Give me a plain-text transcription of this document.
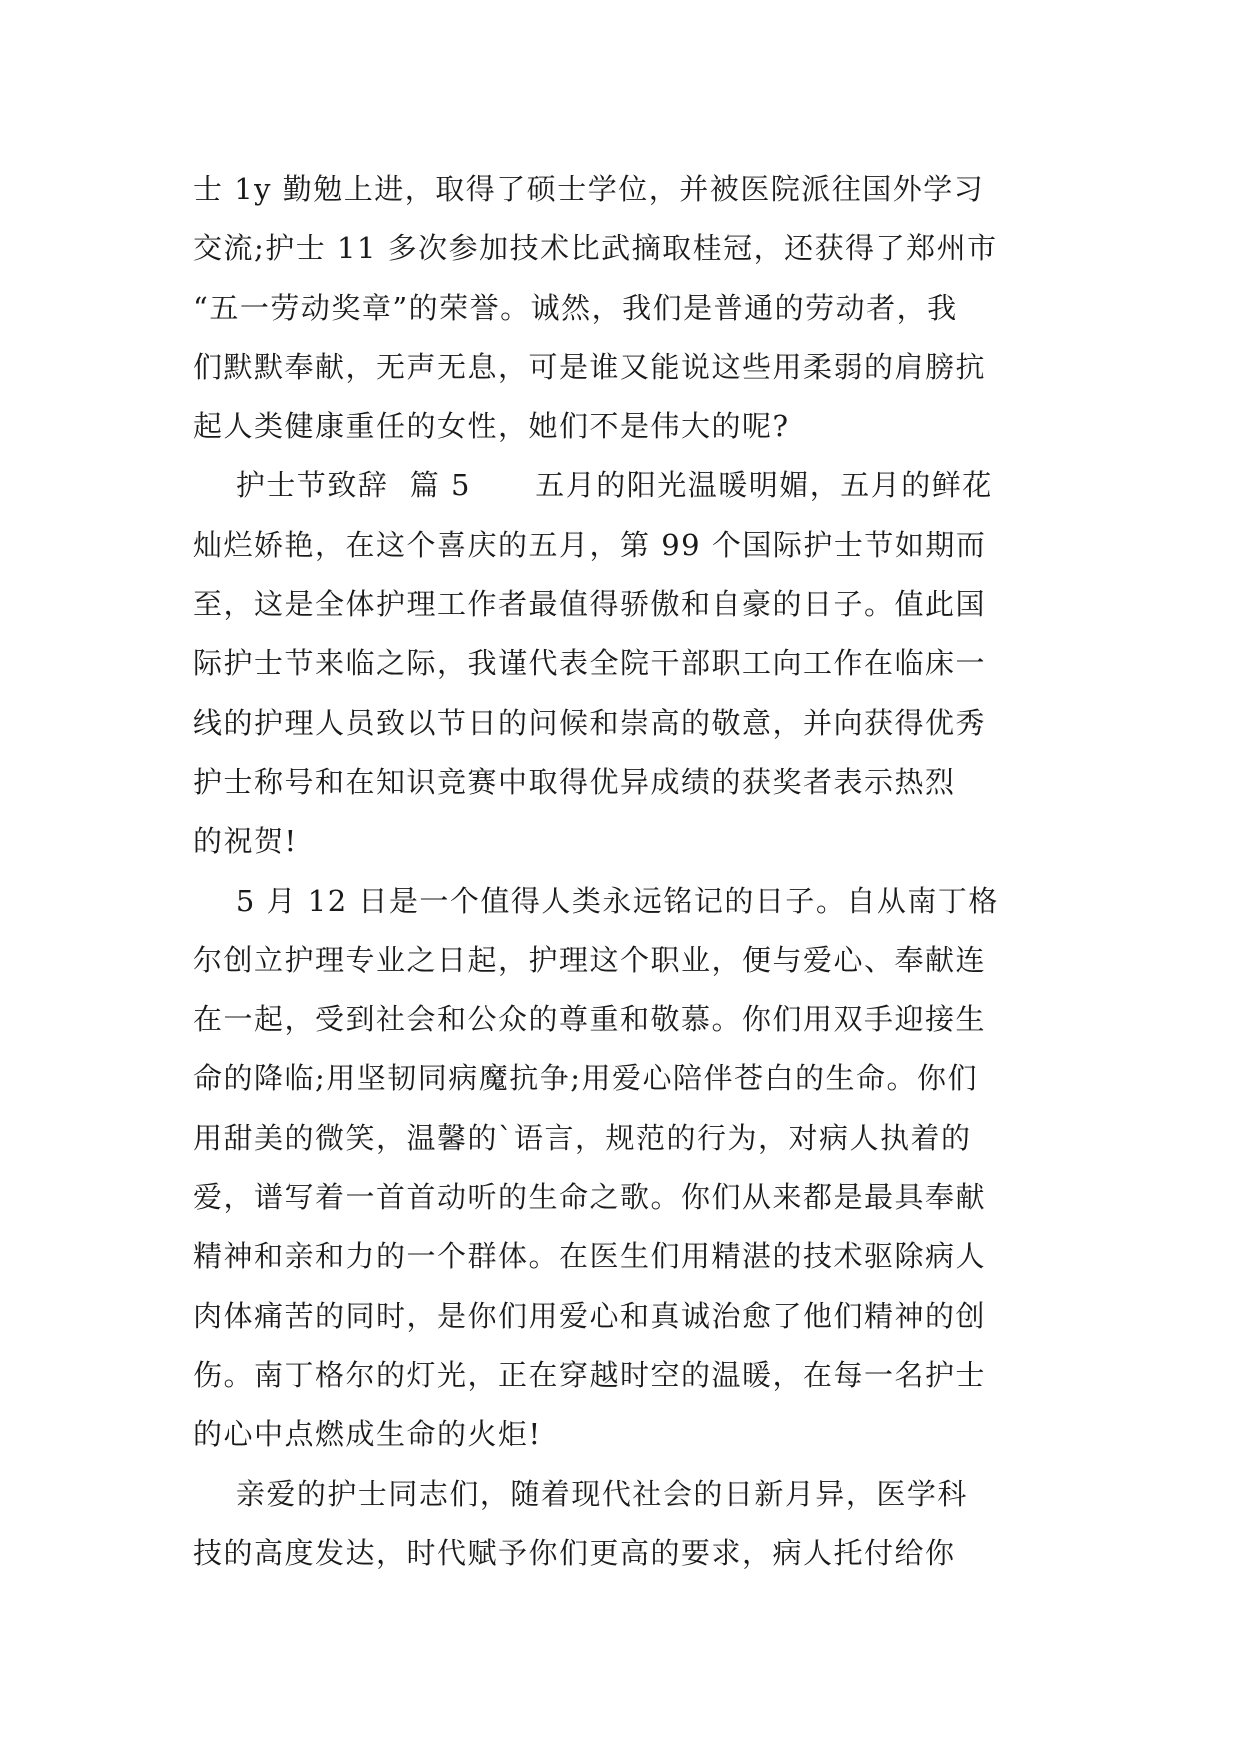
士 1y 勤勉上进，取得了硕士学位，并被医院派往国外学习
交流;护士 11 多次参加技术比武摘取桂冠，还获得了郑州市
“五一劳动奖章”的荣誉。诚然，我们是普通的劳动者，我
们默默奉献，无声无息，可是谁又能说这些用柔弱的肩膀抗
起人类健康重任的女性，她们不是伟大的呢?
护士节致辞  篇 5      五月的阳光温暖明媚，五月的鲜花
灿烂娇艳，在这个喜庆的五月，第 99 个国际护士节如期而
至，这是全体护理工作者最值得骄傲和自豪的日子。值此国
际护士节来临之际，我谨代表全院干部职工向工作在临床一
线的护理人员致以节日的问候和崇高的敬意，并向获得优秀
护士称号和在知识竞赛中取得优异成绩的获奖者表示热烈
的祝贺!
5 月 12 日是一个值得人类永远铭记的日子。自从南丁格
尔创立护理专业之日起，护理这个职业，便与爱心、奉献连
在一起，受到社会和公众的尊重和敬慕。你们用双手迎接生
命的降临;用坚韧同病魔抗争;用爱心陪伴苍白的生命。你们
用甜美的微笑，温馨的`语言，规范的行为，对病人执着的
爱，谱写着一首首动听的生命之歌。你们从来都是最具奉献
精神和亲和力的一个群体。在医生们用精湛的技术驱除病人
肉体痛苦的同时，是你们用爱心和真诚治愈了他们精神的创
伤。南丁格尔的灯光，正在穿越时空的温暖，在每一名护士
的心中点燃成生命的火炬!
亲爱的护士同志们，随着现代社会的日新月异，医学科
技的高度发达，时代赋予你们更高的要求，病人托付给你
